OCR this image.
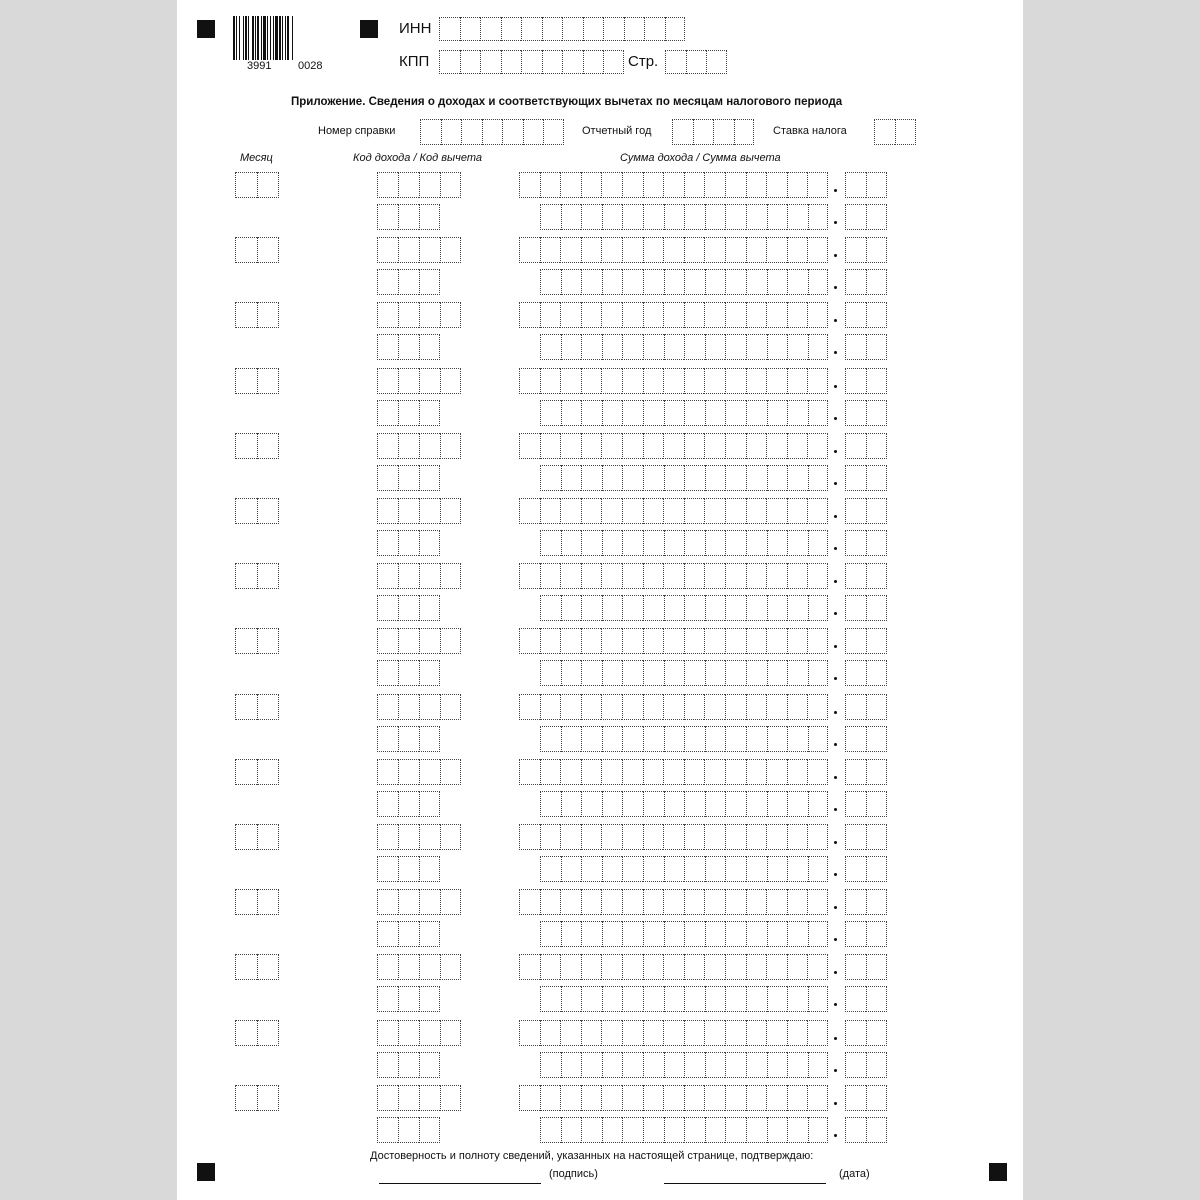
3991 0028
ИНН
КПП	Стр.
Приложение. Сведения о доходах и соответствующих вычетах по месяцам налогового периода
Номер справки	Отчетный год	Ставка налога
Месяц	Код дохода / Код вычета	Сумма дохода / Сумма вычета
Достоверность и полноту сведений, указанных на настоящей странице, подтверждаю:
(подпись)	(дата)
